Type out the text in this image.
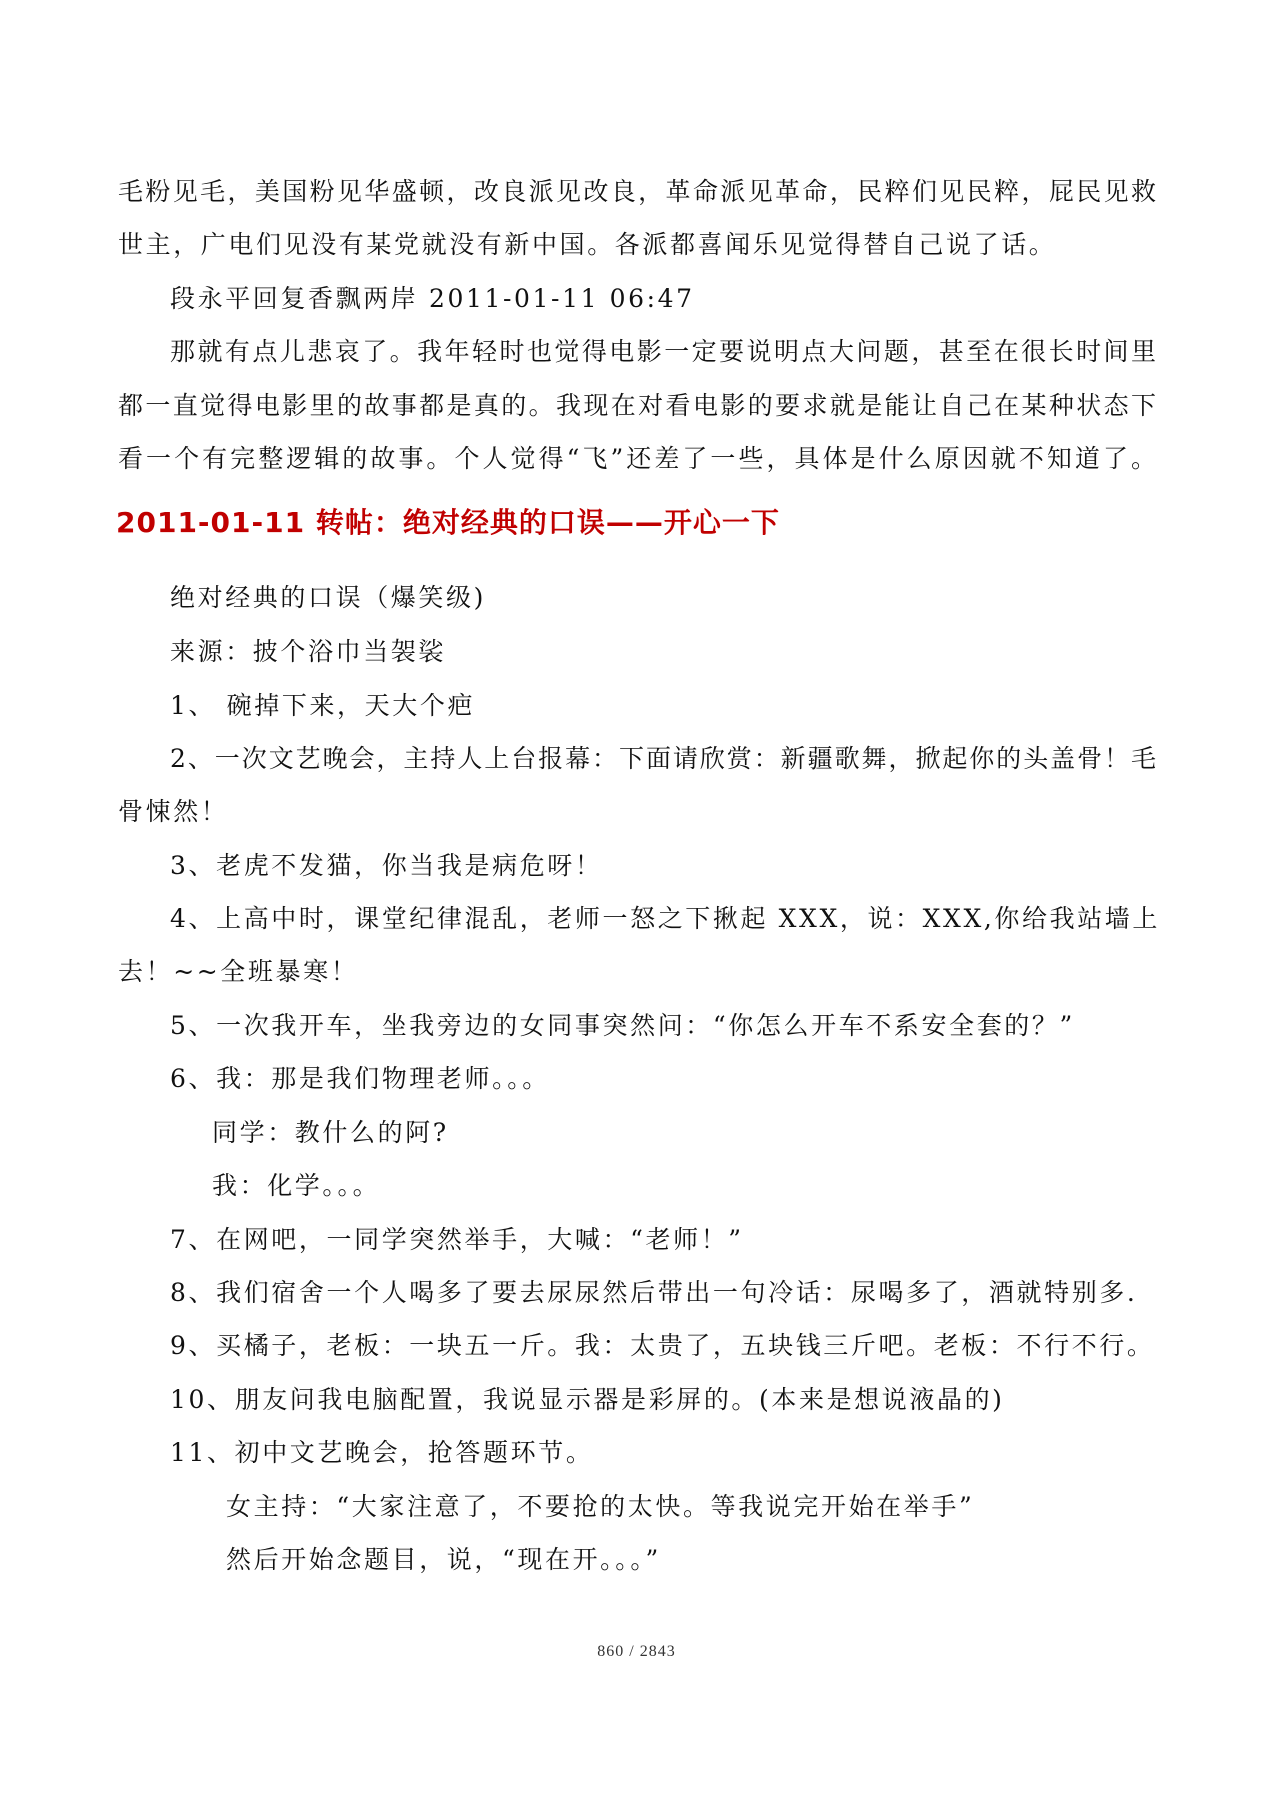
毛粉见毛，美国粉见华盛顿，改良派见改良，革命派见革命，民粹们见民粹，屁民见救
世主，广电们见没有某党就没有新中国。各派都喜闻乐见觉得替自己说了话。
段永平回复香飘两岸 2011-01-11 06:47
那就有点儿悲哀了。我年轻时也觉得电影一定要说明点大问题，甚至在很长时间里
都一直觉得电影里的故事都是真的。我现在对看电影的要求就是能让自己在某种状态下
看一个有完整逻辑的故事。个人觉得“飞”还差了一些，具体是什么原因就不知道了。
2011-01-11 转帖：绝对经典的口误——开心一下
绝对经典的口误（爆笑级)
来源：披个浴巾当袈裟
1、 碗掉下来，天大个疤
2、一次文艺晚会，主持人上台报幕：下面请欣赏：新疆歌舞，掀起你的头盖骨！毛
骨悚然！
3、老虎不发猫，你当我是病危呀！
4、上高中时，课堂纪律混乱，老师一怒之下揪起 XXX，说：XXX,你给我站墙上
去！~~全班暴寒！
5、一次我开车，坐我旁边的女同事突然问：“你怎么开车不系安全套的？”
6、我：那是我们物理老师。。。
同学：教什么的阿?
我：化学。。。
7、在网吧，一同学突然举手，大喊：“老师！”
8、我们宿舍一个人喝多了要去尿尿然后带出一句冷话：尿喝多了，酒就特别多.
9、买橘子，老板：一块五一斤。我：太贵了，五块钱三斤吧。老板：不行不行。
10、朋友问我电脑配置，我说显示器是彩屏的。(本来是想说液晶的)
11、初中文艺晚会，抢答题环节。
女主持：“大家注意了，不要抢的太快。等我说完开始在举手”
然后开始念题目，说，“现在开。。。”
860 / 2843
